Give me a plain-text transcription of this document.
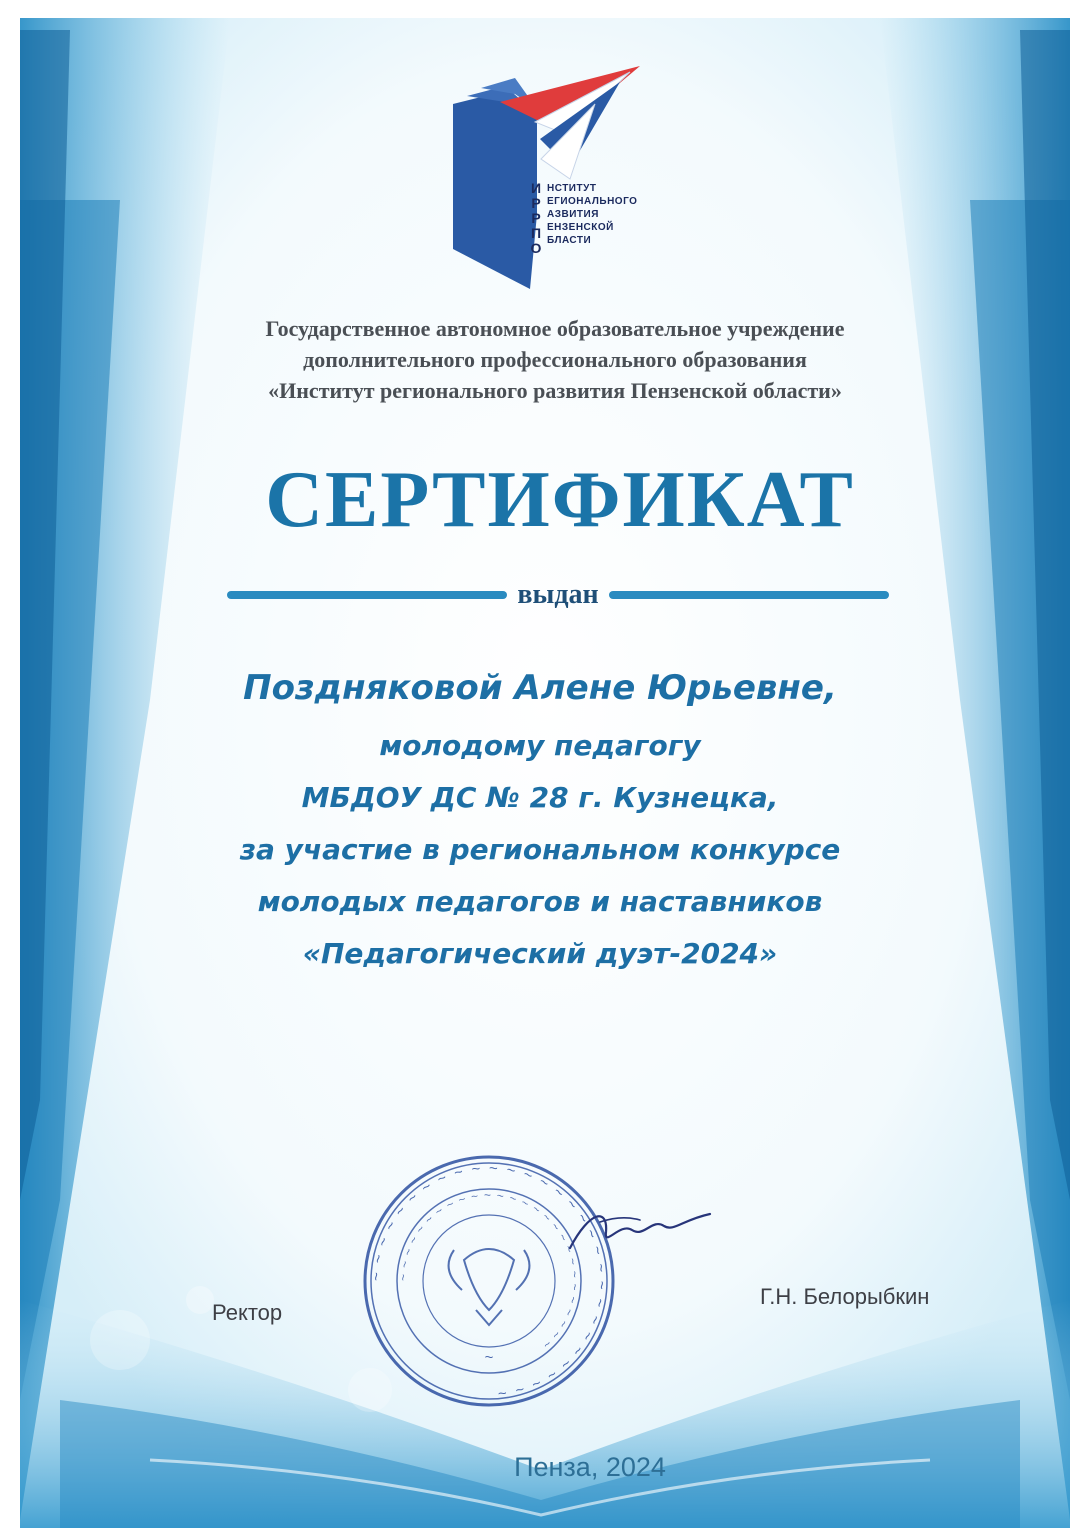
И
Р
Р
П
О
НСТИТУТ
ЕГИОНАЛЬНОГО
АЗВИТИЯ
ЕНЗЕНСКОЙ
БЛАСТИ
Государственное автономное образовательное учреждение
дополнительного профессионального образования
«Институт регионального развития Пензенской области»
СЕРТИФИКАТ
выдан
Поздняковой Алене Юрьевне,
молодому педагогу
МБДОУ ДС № 28 г. Кузнецка,
за участие в региональном конкурсе
молодых педагогов и наставников
«Педагогический дуэт-2024»
~ ~ ~ ~ ~ ~ ~ ~ ~ ~ ~ ~ ~ ~ ~ ~ ~ ~ ~ ~ ~ ~ ~ ~ ~ ~ ~ ~ ~ ~
~ ~ ~ ~ ~ ~ ~ ~ ~ ~ ~ ~ ~ ~ ~ ~ ~ ~ ~ ~ ~ ~ ~ ~ ~ ~ ~
~
Ректор
Г.Н. Белорыбкин
Пенза, 2024
